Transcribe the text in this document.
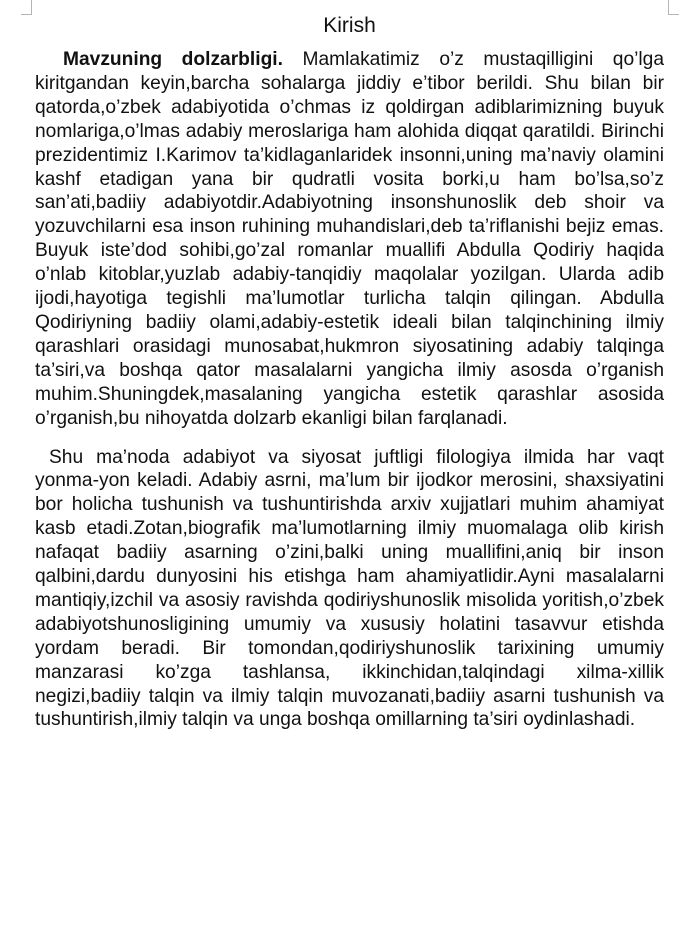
Kirish

Mavzuning dolzarbligi. Mamlakatimiz o’z mustaqilligini qo’lga kiritgandan keyin,barcha sohalarga jiddiy e’tibor berildi. Shu bilan bir qatorda,o’zbek adabiyotida o’chmas iz qoldirgan adiblarimizning buyuk nomlariga,o’lmas adabiy meroslariga ham alohida diqqat qaratildi. Birinchi prezidentimiz I.Karimov ta’kidlaganlaridek insonni,uning ma’naviy olamini kashf etadigan yana bir qudratli vosita borki,u ham bo’lsa,so’z san’ati,badiiy adabiyotdir.Adabiyotning insonshunoslik deb shoir va yozuvchilarni esa inson ruhining muhandislari,deb ta’riflanishi bejiz emas. Buyuk iste’dod sohibi,go’zal romanlar muallifi Abdulla Qodiriy haqida o’nlab kitoblar,yuzlab adabiy-tanqidiy maqolalar yozilgan. Ularda adib ijodi,hayotiga tegishli ma’lumotlar turlicha talqin qilingan. Abdulla Qodiriyning badiiy olami,adabiy-estetik ideali bilan talqinchining ilmiy qarashlari orasidagi munosabat,hukmron siyosatining adabiy talqinga ta’siri,va boshqa qator masalalarni yangicha ilmiy asosda o’rganish muhim.Shuningdek,masalaning yangicha estetik qarashlar asosida o’rganish,bu nihoyatda dolzarb ekanligi bilan farqlanadi.

Shu ma’noda adabiyot va siyosat juftligi filologiya ilmida har vaqt yonma-yon keladi. Adabiy asrni, ma’lum bir ijodkor merosini, shaxsiyatini bor holicha tushunish va tushuntirishda arxiv xujjatlari muhim ahamiyat kasb etadi.Zotan,biografik ma’lumotlarning ilmiy muomalaga olib kirish nafaqat badiiy asarning o’zini,balki uning muallifini,aniq bir inson qalbini,dardu dunyosini his etishga ham ahamiyatlidir.Ayni masalalarni mantiqiy,izchil va asosiy ravishda qodiriyshunoslik misolida yoritish,o’zbek adabiyotshunosligining umumiy va xususiy holatini tasavvur etishda yordam beradi. Bir tomondan,qodiriyshunoslik tarixining umumiy manzarasi ko’zga tashlansa, ikkinchidan,talqindagi xilma-xillik negizi,badiiy talqin va ilmiy talqin muvozanati,badiiy asarni tushunish va tushuntirish,ilmiy talqin va unga boshqa omillarning ta’siri oydinlashadi.
